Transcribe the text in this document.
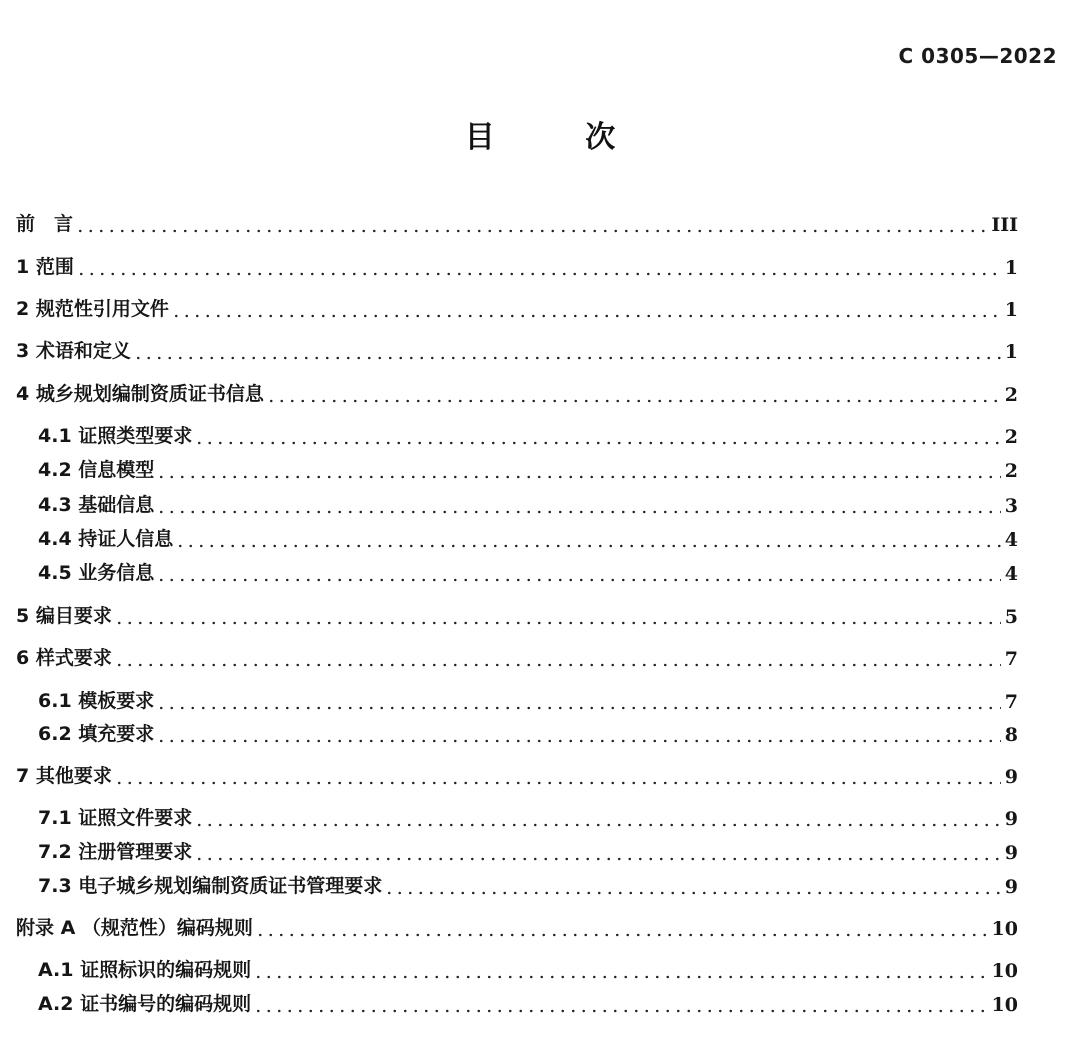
C 0305—2022
目 次
前　言	III
1 范围	1
2 规范性引用文件	1
3 术语和定义	1
4 城乡规划编制资质证书信息	2
4.1 证照类型要求	2
4.2 信息模型	2
4.3 基础信息	3
4.4 持证人信息	4
4.5 业务信息	4
5 编目要求	5
6 样式要求	7
6.1 模板要求	7
6.2 填充要求	8
7 其他要求	9
7.1 证照文件要求	9
7.2 注册管理要求	9
7.3 电子城乡规划编制资质证书管理要求	9
附录 A （规范性）编码规则	10
A.1 证照标识的编码规则	10
A.2 证书编号的编码规则	10
